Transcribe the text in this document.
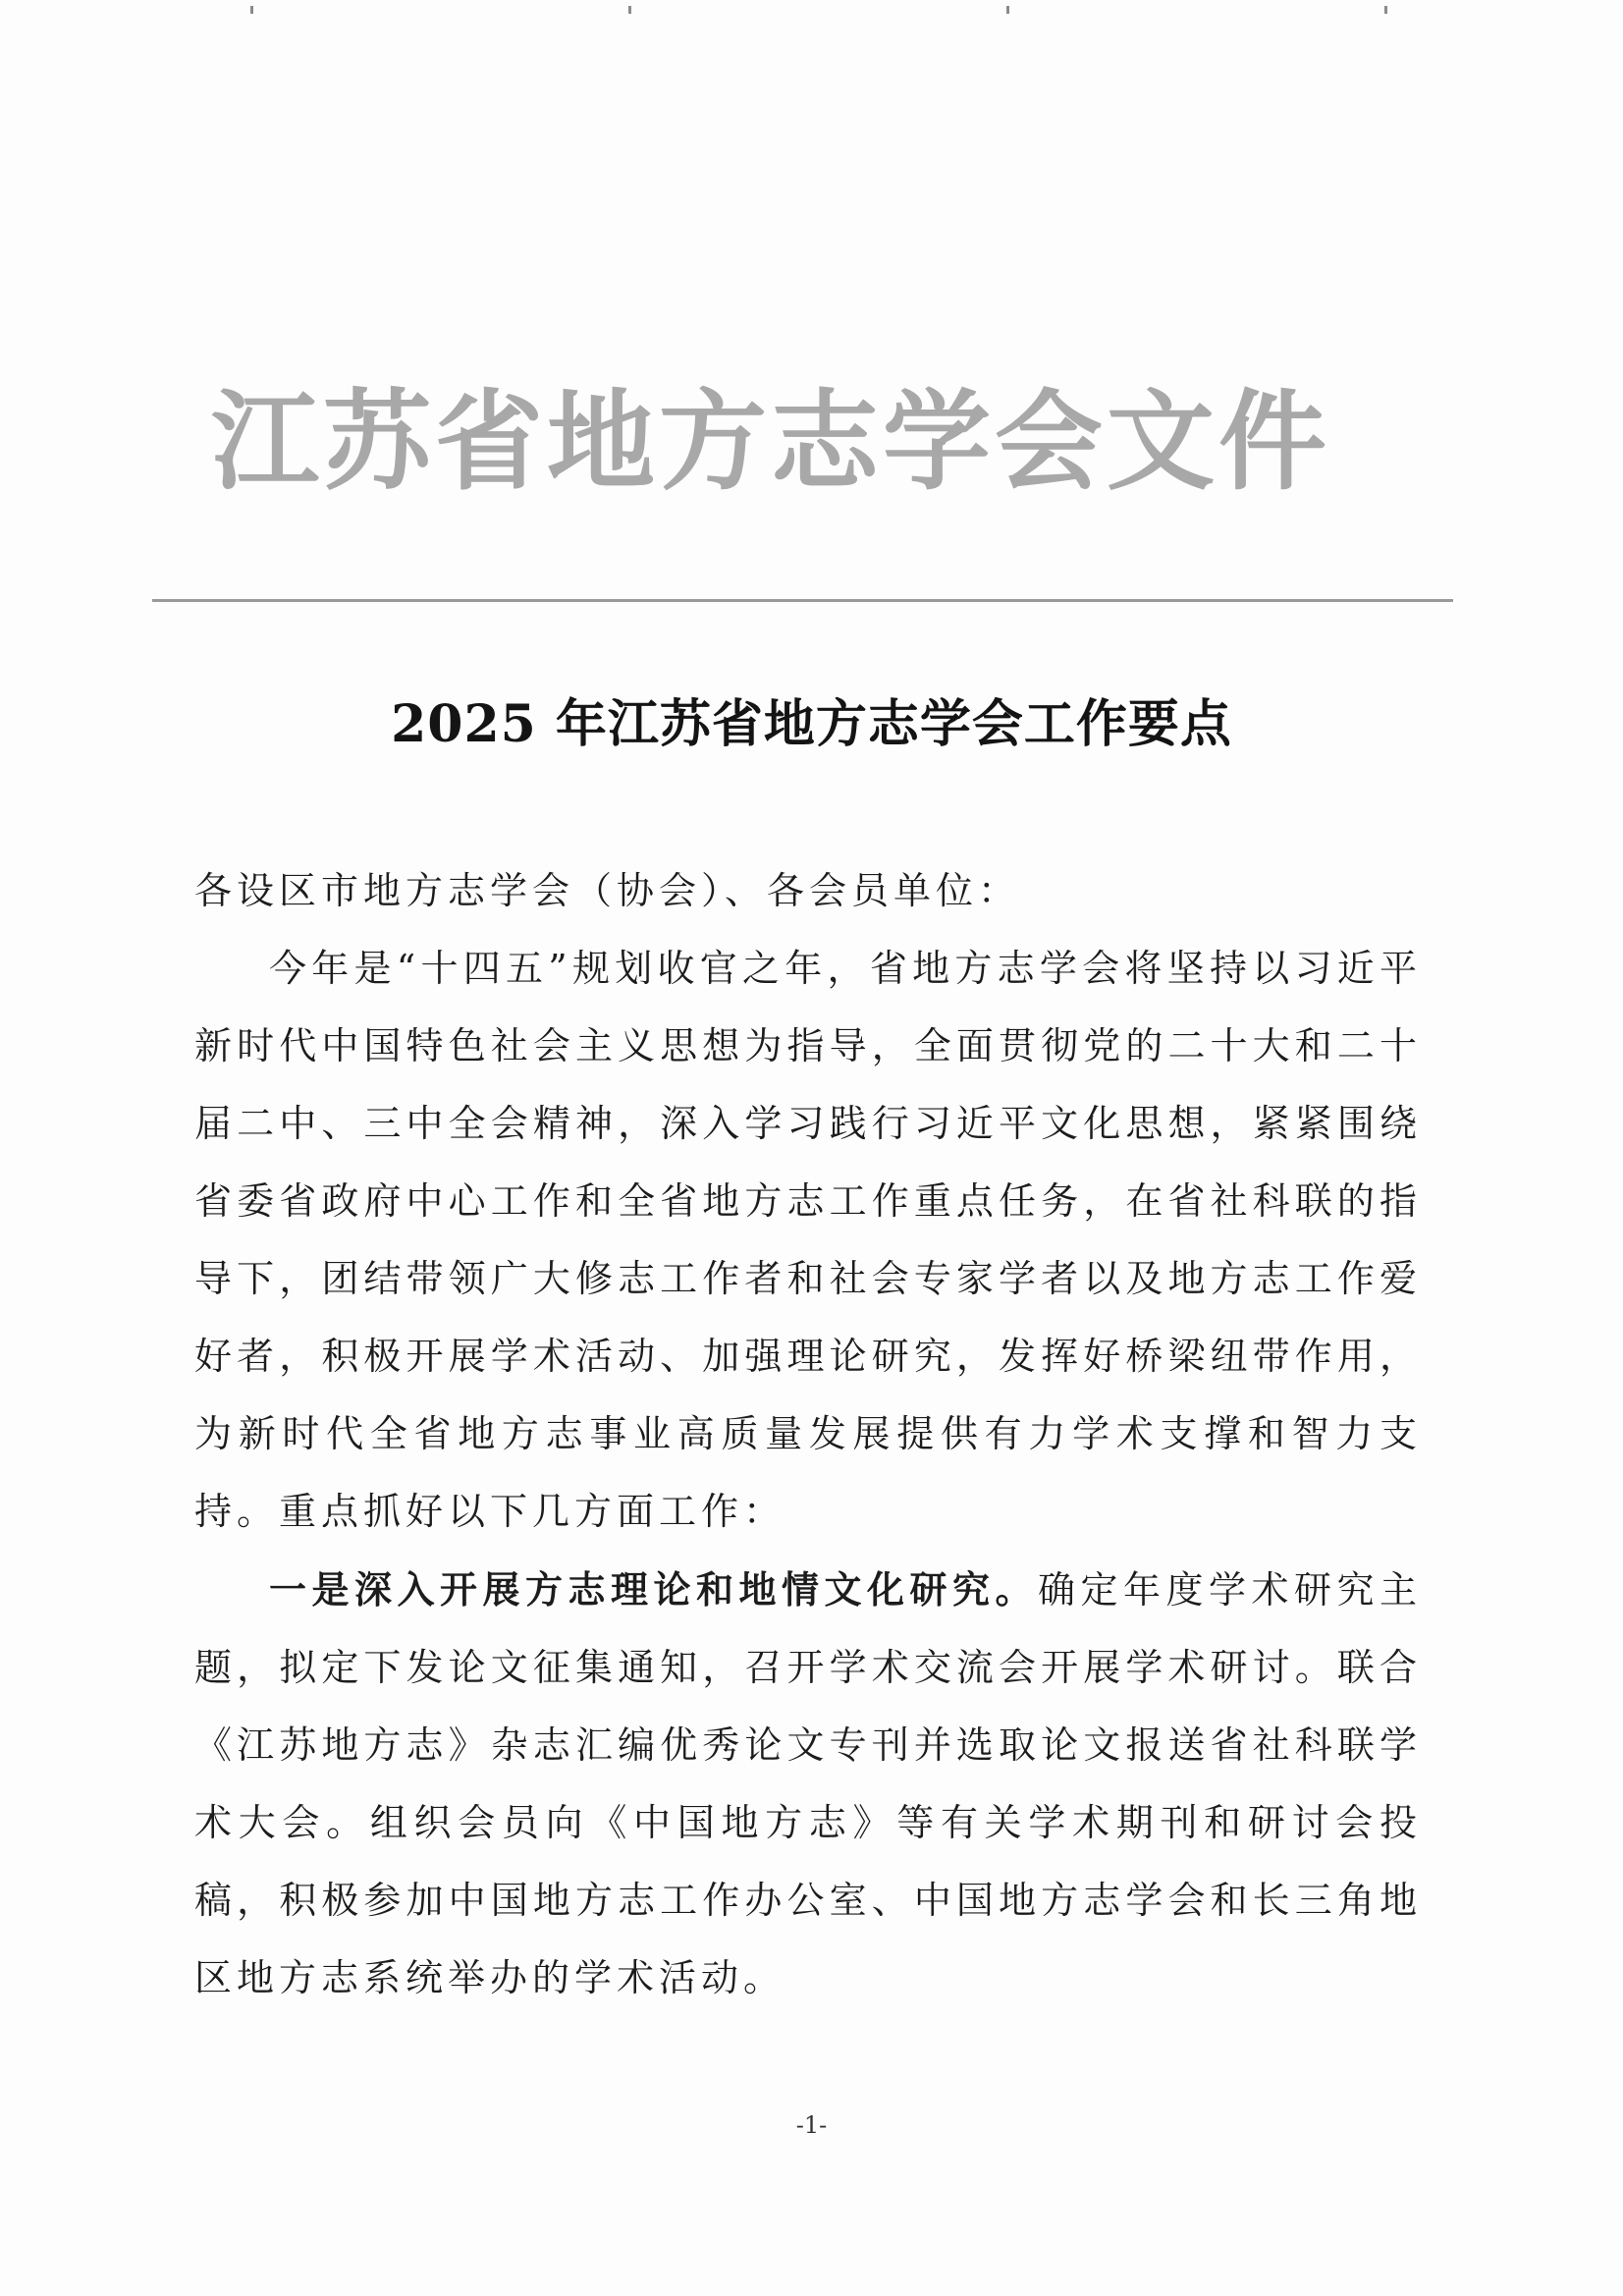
江苏省地方志学会文件
2025 年江苏省地方志学会工作要点

各设区市地方志学会（协会）、各会员单位：

今年是“十四五”规划收官之年，省地方志学会将坚持以习近平新时代中国特色社会主义思想为指导，全面贯彻党的二十大和二十届二中、三中全会精神，深入学习践行习近平文化思想，紧紧围绕省委省政府中心工作和全省地方志工作重点任务，在省社科联的指导下，团结带领广大修志工作者和社会专家学者以及地方志工作爱好者，积极开展学术活动、加强理论研究，发挥好桥梁纽带作用，为新时代全省地方志事业高质量发展提供有力学术支撑和智力支持。重点抓好以下几方面工作：

一是深入开展方志理论和地情文化研究。确定年度学术研究主题，拟定下发论文征集通知，召开学术交流会开展学术研讨。联合《江苏地方志》杂志汇编优秀论文专刊并选取论文报送省社科联学术大会。组织会员向《中国地方志》等有关学术期刊和研讨会投稿，积极参加中国地方志工作办公室、中国地方志学会和长三角地区地方志系统举办的学术活动。

-1-
